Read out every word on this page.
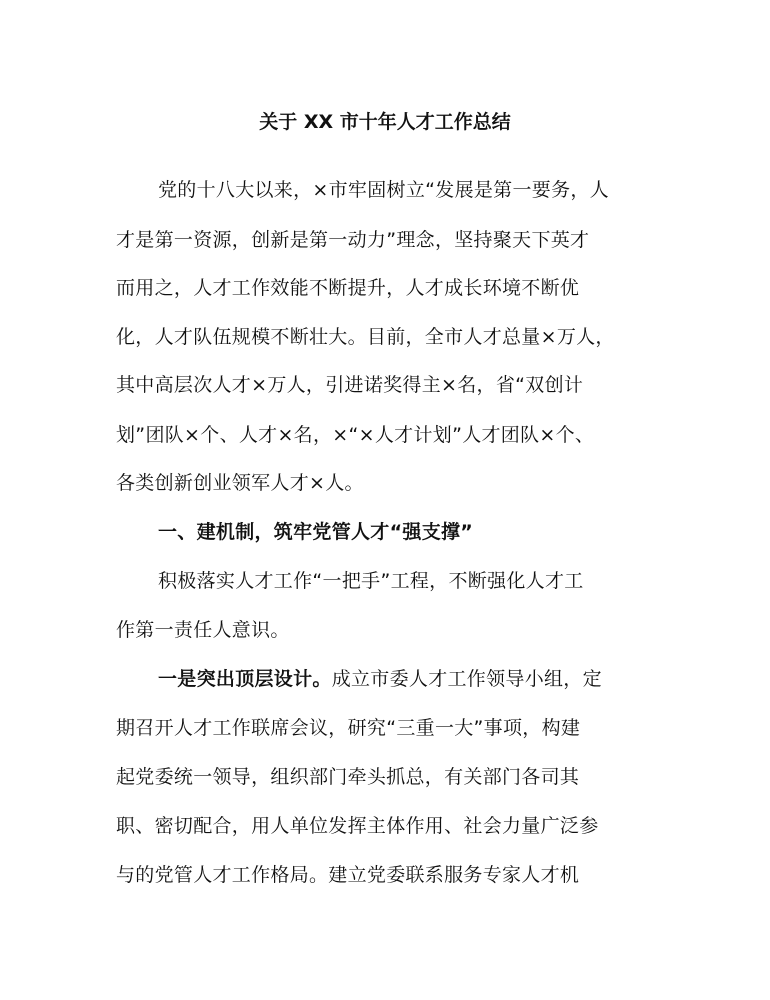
关于 XX 市十年人才工作总结
党的十八大以来，×市牢固树立“发展是第一要务，人
才是第一资源，创新是第一动力”理念，坚持聚天下英才
而用之，人才工作效能不断提升，人才成长环境不断优
化，人才队伍规模不断壮大。目前，全市人才总量×万人，
其中高层次人才×万人，引进诺奖得主×名，省“双创计
划”团队×个、人才×名，×“×人才计划”人才团队×个、
各类创新创业领军人才×人。
一、建机制，筑牢党管人才“强支撑”
积极落实人才工作“一把手”工程，不断强化人才工
作第一责任人意识。
一是突出顶层设计。成立市委人才工作领导小组，定
期召开人才工作联席会议，研究“三重一大”事项，构建
起党委统一领导，组织部门牵头抓总，有关部门各司其
职、密切配合，用人单位发挥主体作用、社会力量广泛参
与的党管人才工作格局。建立党委联系服务专家人才机
